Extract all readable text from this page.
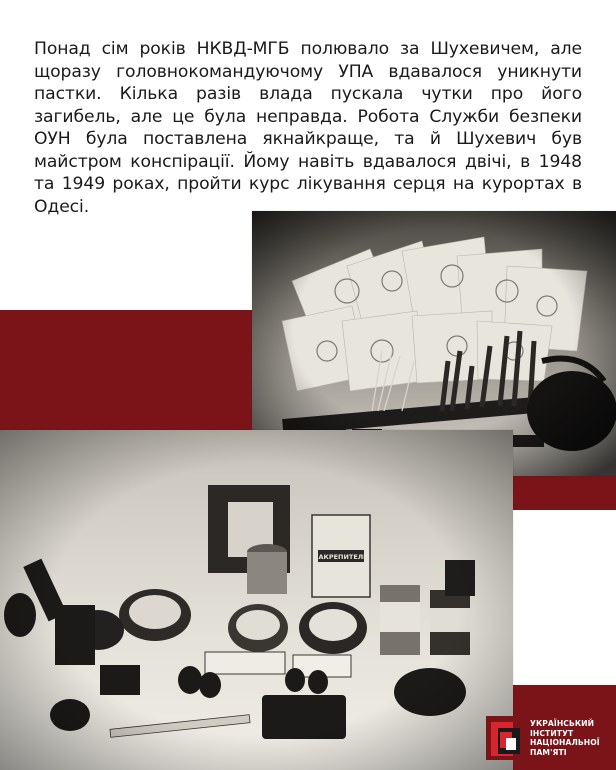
Понад сім років НКВД-МГБ полювало за Шухевичем, але щоразу головнокомандуючому УПА вдавалося уникнути пастки. Кілька разів влада пускала чутки про його загибель, але це була неправда. Робота Служби безпеки ОУН була поставлена якнайкраще, та й Шухевич був майстром конспірації. Йому навіть вдавалося двічі, в 1948 та 1949 роках, пройти курс лікування серця на курортах в Одесі.
УКРАЇНСЬКИЙ
ІНСТИТУТ
НАЦІОНАЛЬНОЇ
ПАМ'ЯТІ
